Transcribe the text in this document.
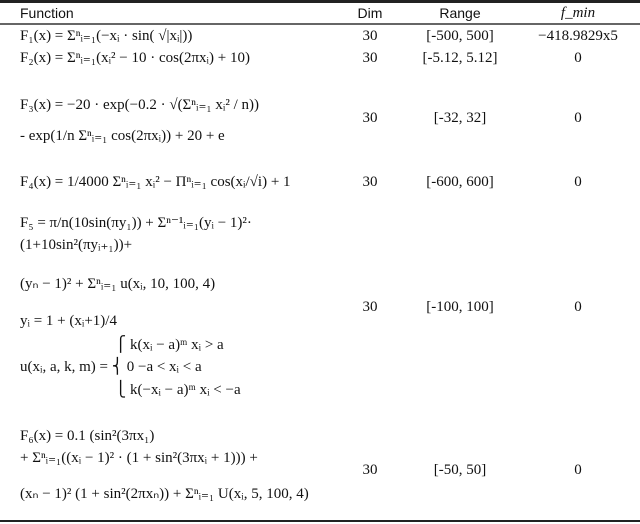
Function	Dim	Range	f_min
F₁(x) = Σⁿᵢ₌₁(−xᵢ · sin( √|xᵢ|))	30	[-500, 500]	−418.9829x5
F₂(x) = Σⁿᵢ₌₁(xᵢ² − 10 · cos(2πxᵢ) + 10)	30	[-5.12, 5.12]	0
F₃(x) = −20 · exp(−0.2 · √(Σⁿᵢ₌₁ xᵢ² / n))
- exp(1/n Σⁿᵢ₌₁ cos(2πxᵢ)) + 20 + e
30	[-32, 32]	0
F₄(x) = 1/4000 Σⁿᵢ₌₁ xᵢ² − Πⁿᵢ₌₁ cos(xᵢ/√i) + 1	30	[-600, 600]	0
F₅ = π/n(10sin(πy₁)) + Σⁿ⁻¹ᵢ₌₁(yᵢ − 1)²·
(1+10sin²(πyᵢ₊₁))+
(yₙ − 1)² + Σⁿᵢ₌₁ u(xᵢ, 10, 100, 4)
yᵢ = 1 + (xᵢ+1)/4
⎧ k(xᵢ − a)ᵐ xᵢ > a
u(xᵢ, a, k, m) = ⎨ 0 −a < xᵢ < a
⎩ k(−xᵢ − a)ᵐ xᵢ < −a
30	[-100, 100]	0
F₆(x) = 0.1 (sin²(3πx₁)
+ Σⁿᵢ₌₁((xᵢ − 1)² · (1 + sin²(3πxᵢ + 1))) +
(xₙ − 1)² (1 + sin²(2πxₙ)) + Σⁿᵢ₌₁ U(xᵢ, 5, 100, 4)
30	[-50, 50]	0
